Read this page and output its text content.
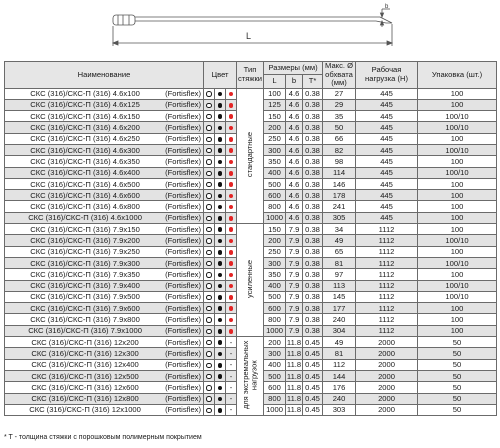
L
b
Наименование	Цвет			Тип стяжки	Размеры (мм)			Макс. Ø обхвата (мм)	Рабочая нагрузка (Н)	Упаковка (шт.)
					L	b	T*			

(Fortisflex)
СКС (316)/СКС-П (316) 4.6х100				стандартные	100	4.6	0.38	27	445	100

(Fortisflex)
СКС (316)/СКС-П (316) 4.6х125					125	4.6	0.38	29	445	100

(Fortisflex)
СКС (316)/СКС-П (316) 4.6х150					150	4.6	0.38	35	445	100/10

(Fortisflex)
СКС (316)/СКС-П (316) 4.6х200					200	4.6	0.38	50	445	100/10

(Fortisflex)
СКС (316)/СКС-П (316) 4.6х250					250	4.6	0.38	66	445	100

(Fortisflex)
СКС (316)/СКС-П (316) 4.6х300					300	4.6	0.38	82	445	100/10

(Fortisflex)
СКС (316)/СКС-П (316) 4.6х350					350	4.6	0.38	98	445	100

(Fortisflex)
СКС (316)/СКС-П (316) 4.6х400					400	4.6	0.38	114	445	100/10

(Fortisflex)
СКС (316)/СКС-П (316) 4.6х500					500	4.6	0.38	146	445	100

(Fortisflex)
СКС (316)/СКС-П (316) 4.6х600					600	4.6	0.38	178	445	100

(Fortisflex)
СКС (316)/СКС-П (316) 4.6х800					800	4.6	0.38	241	445	100

(Fortisflex)
СКС (316)/СКС-П (316) 4.6х1000					1000	4.6	0.38	305	445	100

(Fortisflex)
СКС (316)/СКС-П (316) 7.9х150				усиленные	150	7.9	0.38	34	1112	100

(Fortisflex)
СКС (316)/СКС-П (316) 7.9х200					200	7.9	0.38	49	1112	100/10

(Fortisflex)
СКС (316)/СКС-П (316) 7.9х250					250	7.9	0.38	65	1112	100

(Fortisflex)
СКС (316)/СКС-П (316) 7.9х300					300	7.9	0.38	81	1112	100/10

(Fortisflex)
СКС (316)/СКС-П (316) 7.9х350					350	7.9	0.38	97	1112	100

(Fortisflex)
СКС (316)/СКС-П (316) 7.9х400					400	7.9	0.38	113	1112	100/10

(Fortisflex)
СКС (316)/СКС-П (316) 7.9х500					500	7.9	0.38	145	1112	100/10

(Fortisflex)
СКС (316)/СКС-П (316) 7.9х600					600	7.9	0.38	177	1112	100

(Fortisflex)
СКС (316)/СКС-П (316) 7.9х800					800	7.9	0.38	240	1112	100

(Fortisflex)
СКС (316)/СКС-П (316) 7.9х1000					1000	7.9	0.38	304	1112	100

(Fortisflex)
СКС (316)/СКС-П (316) 12х200			-	для экстремальных нагрузок	200	11.8	0.45	49	2000	50

(Fortisflex)
СКС (316)/СКС-П (316) 12х300			-		300	11.8	0.45	81	2000	50

(Fortisflex)
СКС (316)/СКС-П (316) 12х400			-		400	11.8	0.45	112	2000	50

(Fortisflex)
СКС (316)/СКС-П (316) 12х500			-		500	11.8	0.45	144	2000	50

(Fortisflex)
СКС (316)/СКС-П (316) 12х600			-		600	11.8	0.45	176	2000	50

(Fortisflex)
СКС (316)/СКС-П (316) 12х800			-		800	11.8	0.45	240	2000	50

(Fortisflex)
СКС (316)/СКС-П (316) 12х1000			-		1000	11.8	0.45	303	2000	50
* T - толщина стяжки с порошковым полимерным покрытием
